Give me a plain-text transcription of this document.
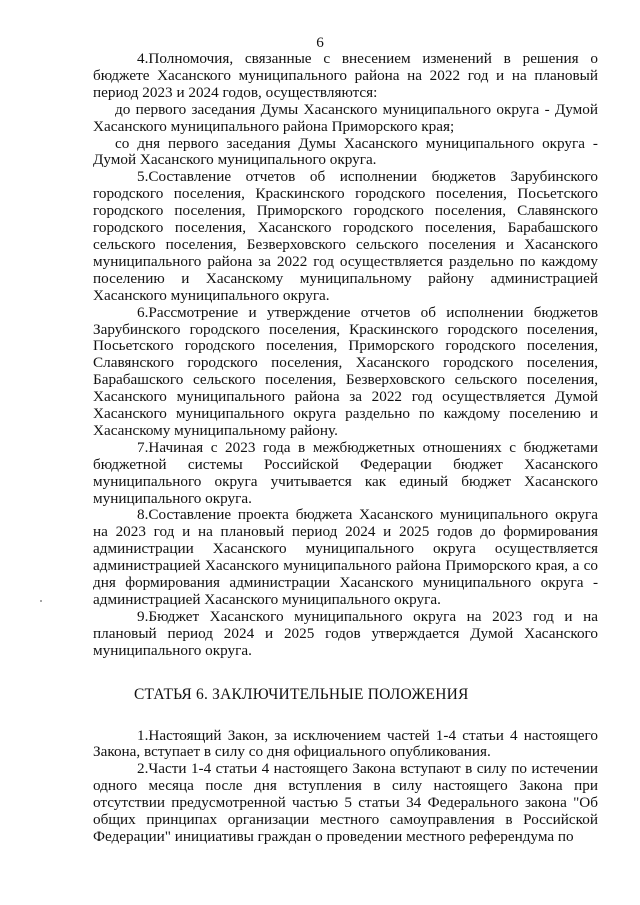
6

4.Полномочия, связанные с внесением изменений в решения о бюджете Хасанского муниципального района на 2022 год и на плановый период 2023 и 2024 годов, осуществляются:

до первого заседания Думы Хасанского муниципального округа - Думой Хасанского муниципального района Приморского края;

со дня первого заседания Думы Хасанского муниципального округа - Думой Хасанского муниципального округа.

5.Составление отчетов об исполнении бюджетов Зарубинского городского поселения, Краскинского городского поселения, Посьетского городского поселения, Приморского городского поселения, Славянского городского поселения, Хасанского городского поселения, Барабашского сельского поселения, Безверховского сельского поселения и Хасанского муниципального района за 2022 год осуществляется раздельно по каждому поселению и Хасанскому муниципальному району администрацией Хасанского муниципального округа.

6.Рассмотрение и утверждение отчетов об исполнении бюджетов Зарубинского городского поселения, Краскинского городского поселения, Посьетского городского поселения, Приморского городского поселения, Славянского городского поселения, Хасанского городского поселения, Барабашского сельского поселения, Безверховского сельского поселения, Хасанского муниципального района за 2022 год осуществляется Думой Хасанского муниципального округа раздельно по каждому поселению и Хасанскому муниципальному району.

7.Начиная с 2023 года в межбюджетных отношениях с бюджетами бюджетной системы Российской Федерации бюджет Хасанского муниципального округа учитывается как единый бюджет Хасанского муниципального округа.

8.Составление проекта бюджета Хасанского муниципального округа на 2023 год и на плановый период 2024 и 2025 годов до формирования администрации Хасанского муниципального округа осуществляется администрацией Хасанского муниципального района Приморского края, а со дня формирования администрации Хасанского муниципального округа - администрацией Хасанского муниципального округа.

9.Бюджет Хасанского муниципального округа на 2023 год и на плановый период 2024 и 2025 годов утверждается Думой Хасанского муниципального округа.

СТАТЬЯ 6. ЗАКЛЮЧИТЕЛЬНЫЕ ПОЛОЖЕНИЯ

1.Настоящий Закон, за исключением частей 1-4 статьи 4 настоящего Закона, вступает в силу со дня официального опубликования.

2.Части 1-4 статьи 4 настоящего Закона вступают в силу по истечении одного месяца после дня вступления в силу настоящего Закона при отсутствии предусмотренной частью 5 статьи 34 Федерального закона "Об общих принципах организации местного самоуправления в Российской Федерации" инициативы граждан о проведении местного референдума по
